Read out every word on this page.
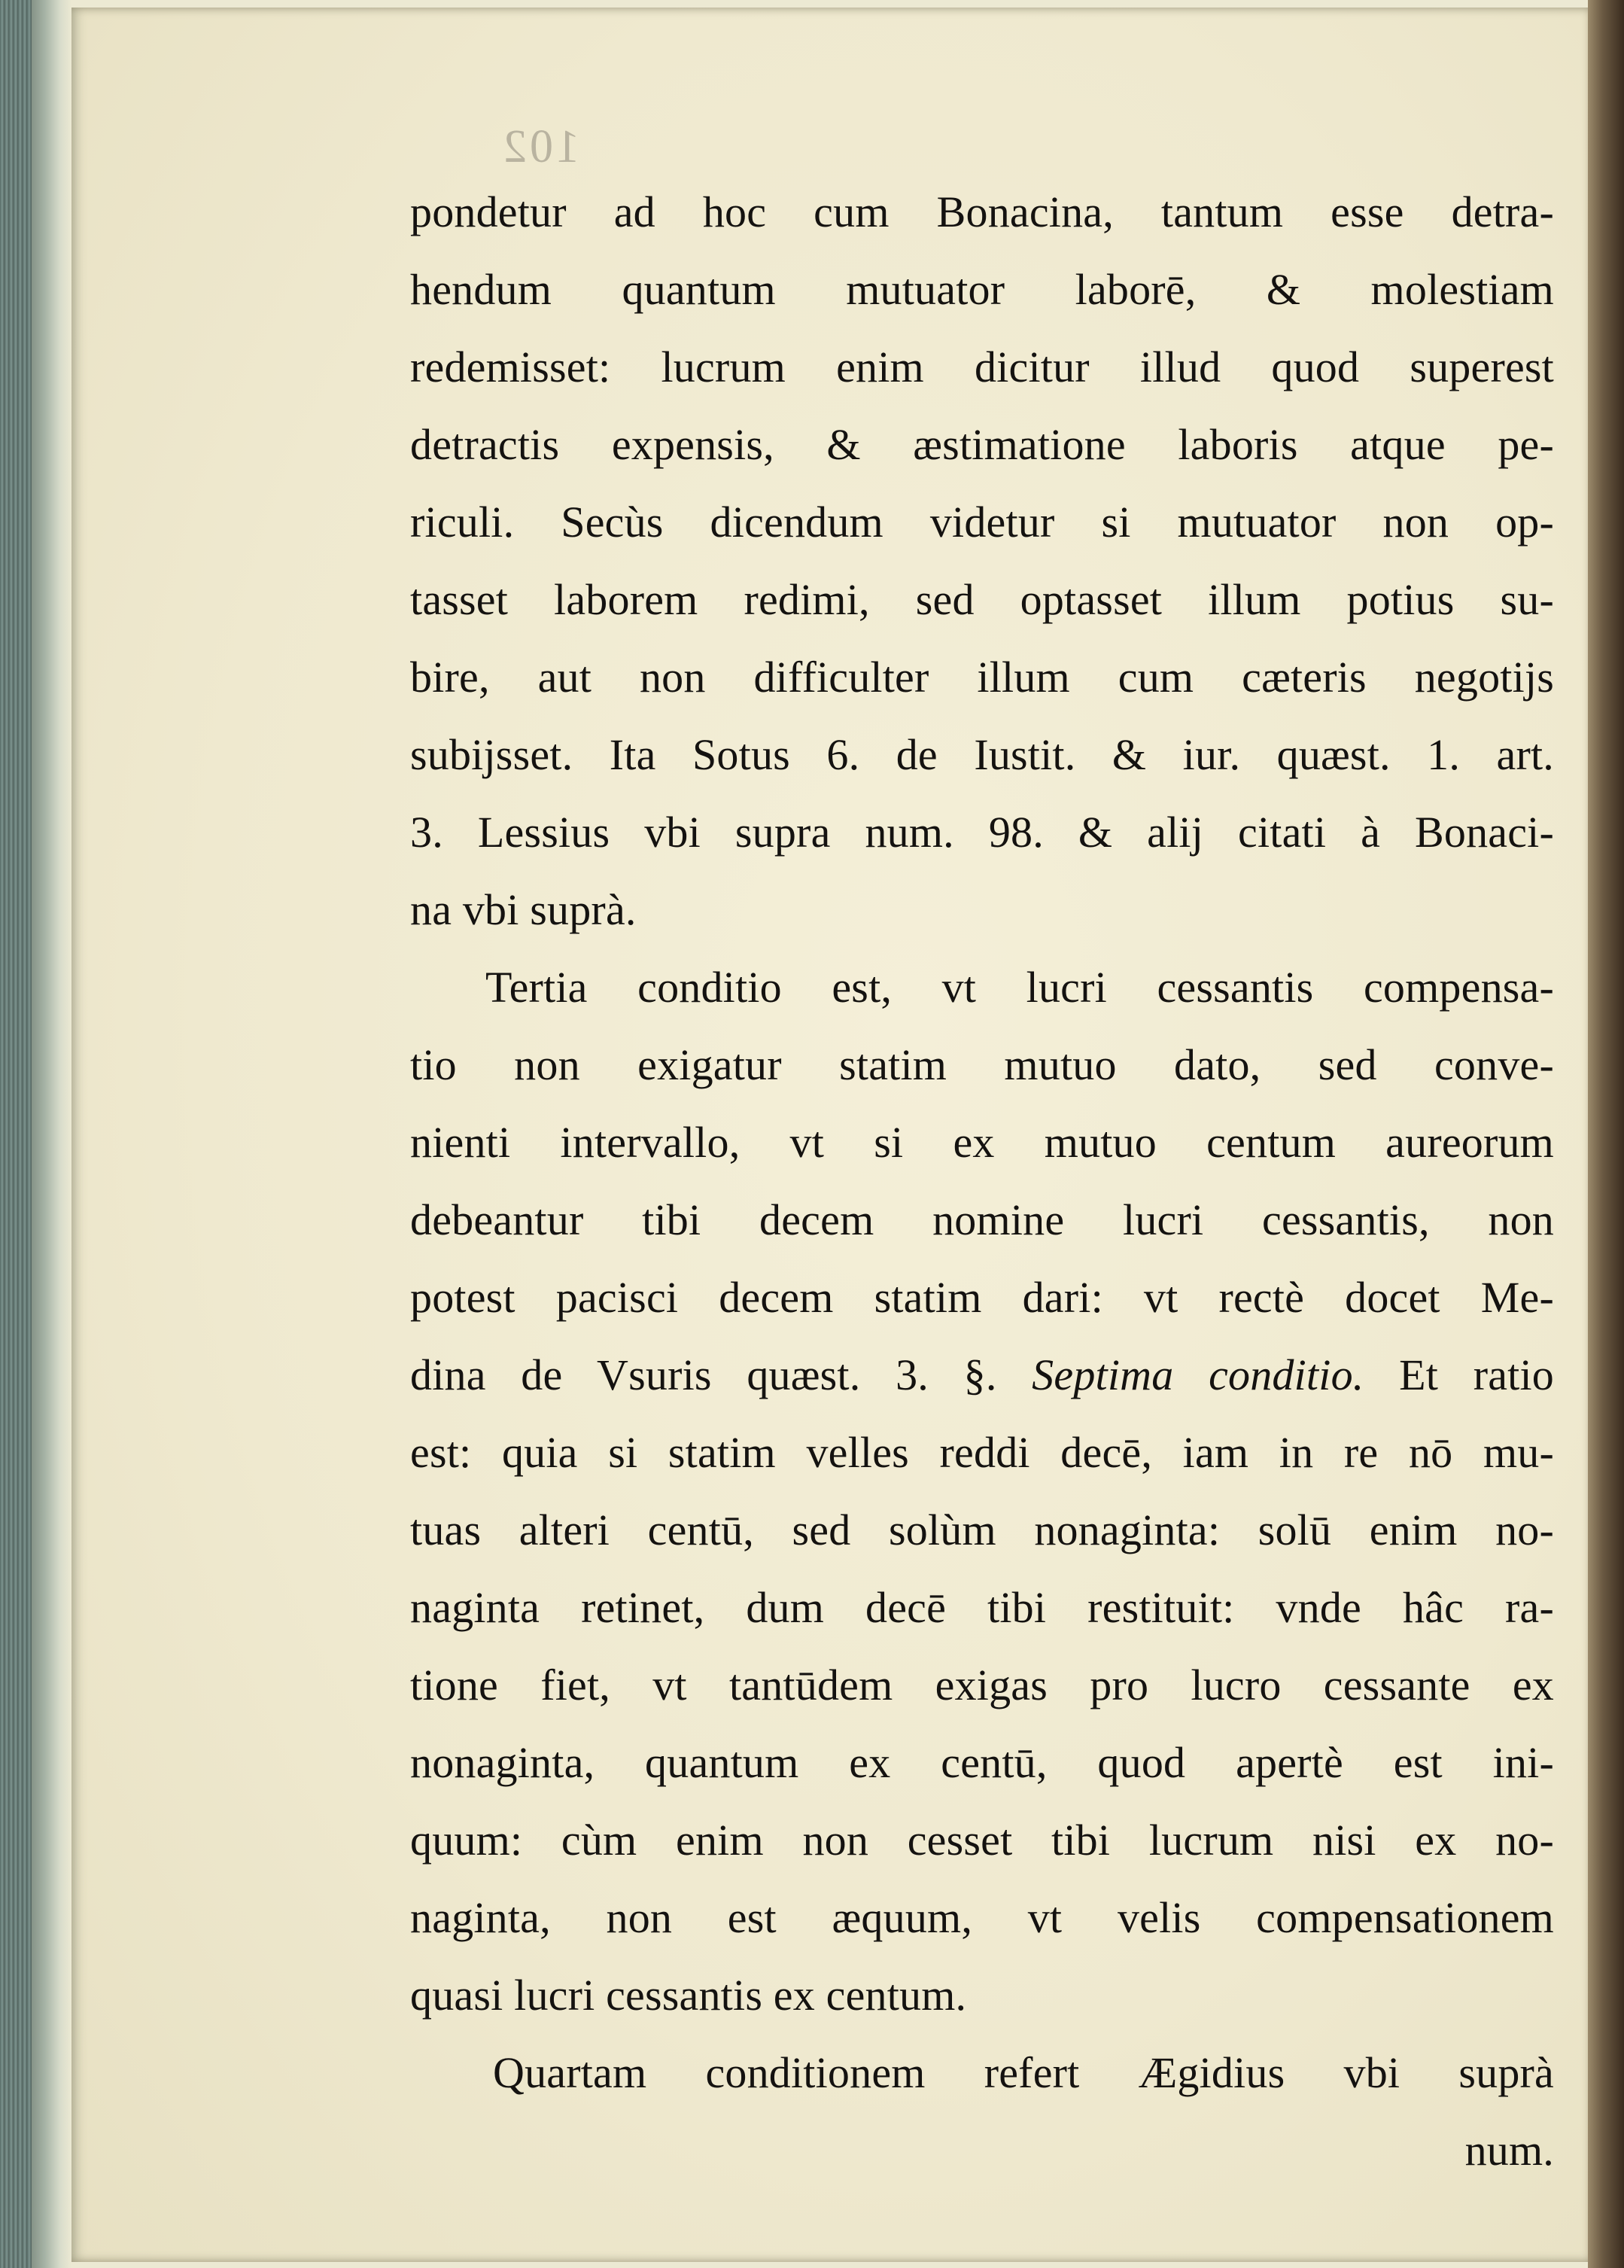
102
pondetur ad hoc cum Bonacina, tantum esse detra-
hendum quantum mutuator laborē, & molestiam
redemisset: lucrum enim dicitur illud quod superest
detractis expensis, & æstimatione laboris atque pe-
riculi. Secùs dicendum videtur si mutuator non op-
tasset laborem redimi, sed optasset illum potius su-
bire, aut non difficulter illum cum cæteris negotijs
subijsset. Ita Sotus 6. de Iustit. & iur. quæst. 1. art.
3. Lessius vbi supra num. 98. & alij citati à Bonaci-
na vbi suprà.
Tertia conditio est, vt lucri cessantis compensa-
tio non exigatur statim mutuo dato, sed conve-
nienti intervallo, vt si ex mutuo centum aureorum
debeantur tibi decem nomine lucri cessantis, non
potest pacisci decem statim dari: vt rectè docet Me-
dina de Vsuris quæst. 3. §. Septima conditio. Et ratio
est: quia si statim velles reddi decē, iam in re nō mu-
tuas alteri centū, sed solùm nonaginta: solū enim no-
naginta retinet, dum decē tibi restituit: vnde hâc ra-
tione fiet, vt tantūdem exigas pro lucro cessante ex
nonaginta, quantum ex centū, quod apertè est ini-
quum: cùm enim non cesset tibi lucrum nisi ex no-
naginta, non est æquum, vt velis compensationem
quasi lucri cessantis ex centum.
Quartam conditionem refert Ægidius vbi suprà
num.
